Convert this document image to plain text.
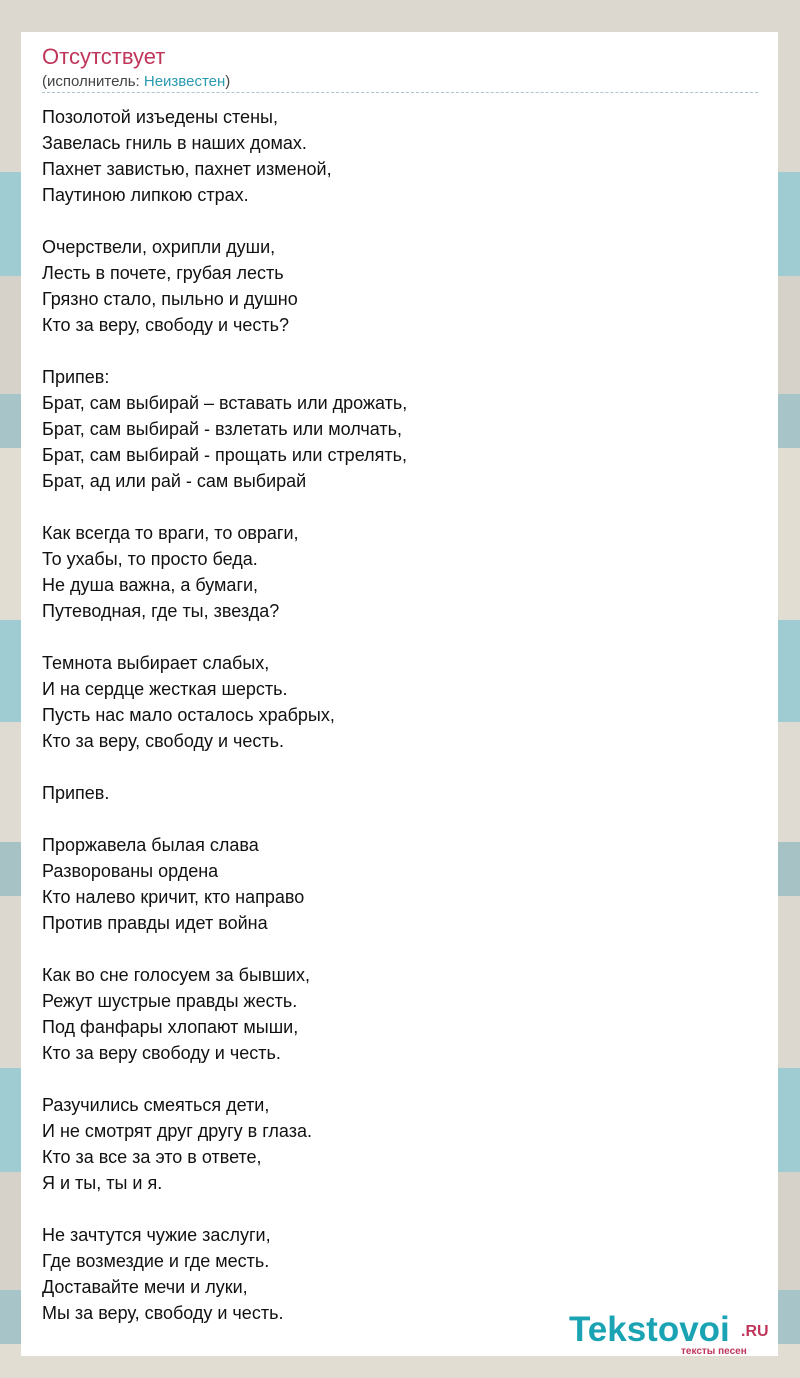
Отсутствует
(исполнитель: Неизвестен)
Позолотой изъедены стены,
Завелась гниль в наших домах.
Пахнет завистью, пахнет изменой,
Паутиною липкою страх.
Очерствели, охрипли души,
Лесть в почете, грубая лесть
Грязно стало, пыльно и душно
Кто за веру, свободу и честь?
Припев:
Брат, сам выбирай – вставать или дрожать,
Брат, сам выбирай - взлетать или молчать,
Брат, сам выбирай - прощать или стрелять,
Брат, ад или рай - сам выбирай
Как всегда то враги, то овраги,
То ухабы, то просто беда.
Не душа важна, а бумаги,
Путеводная, где ты, звезда?
Темнота выбирает слабых,
И на сердце жесткая шерсть.
Пусть нас мало осталось храбрых,
Кто за веру, свободу и честь.
Припев.
Проржавела былая слава
Разворованы ордена
Кто налево кричит, кто направо
Против правды идет война
Как во сне голосуем за бывших,
Режут шустрые правды жесть.
Под фанфары хлопают мыши,
Кто за веру свободу и честь.
Разучились смеяться дети,
И не смотрят друг другу в глаза.
Кто за все за это в ответе,
Я и ты, ты и я.
Не зачтутся чужие заслуги,
Где возмездие и где месть.
Доставайте мечи и луки,
Мы за веру, свободу и честь.	Tekstovoi .RU
тексты песен
